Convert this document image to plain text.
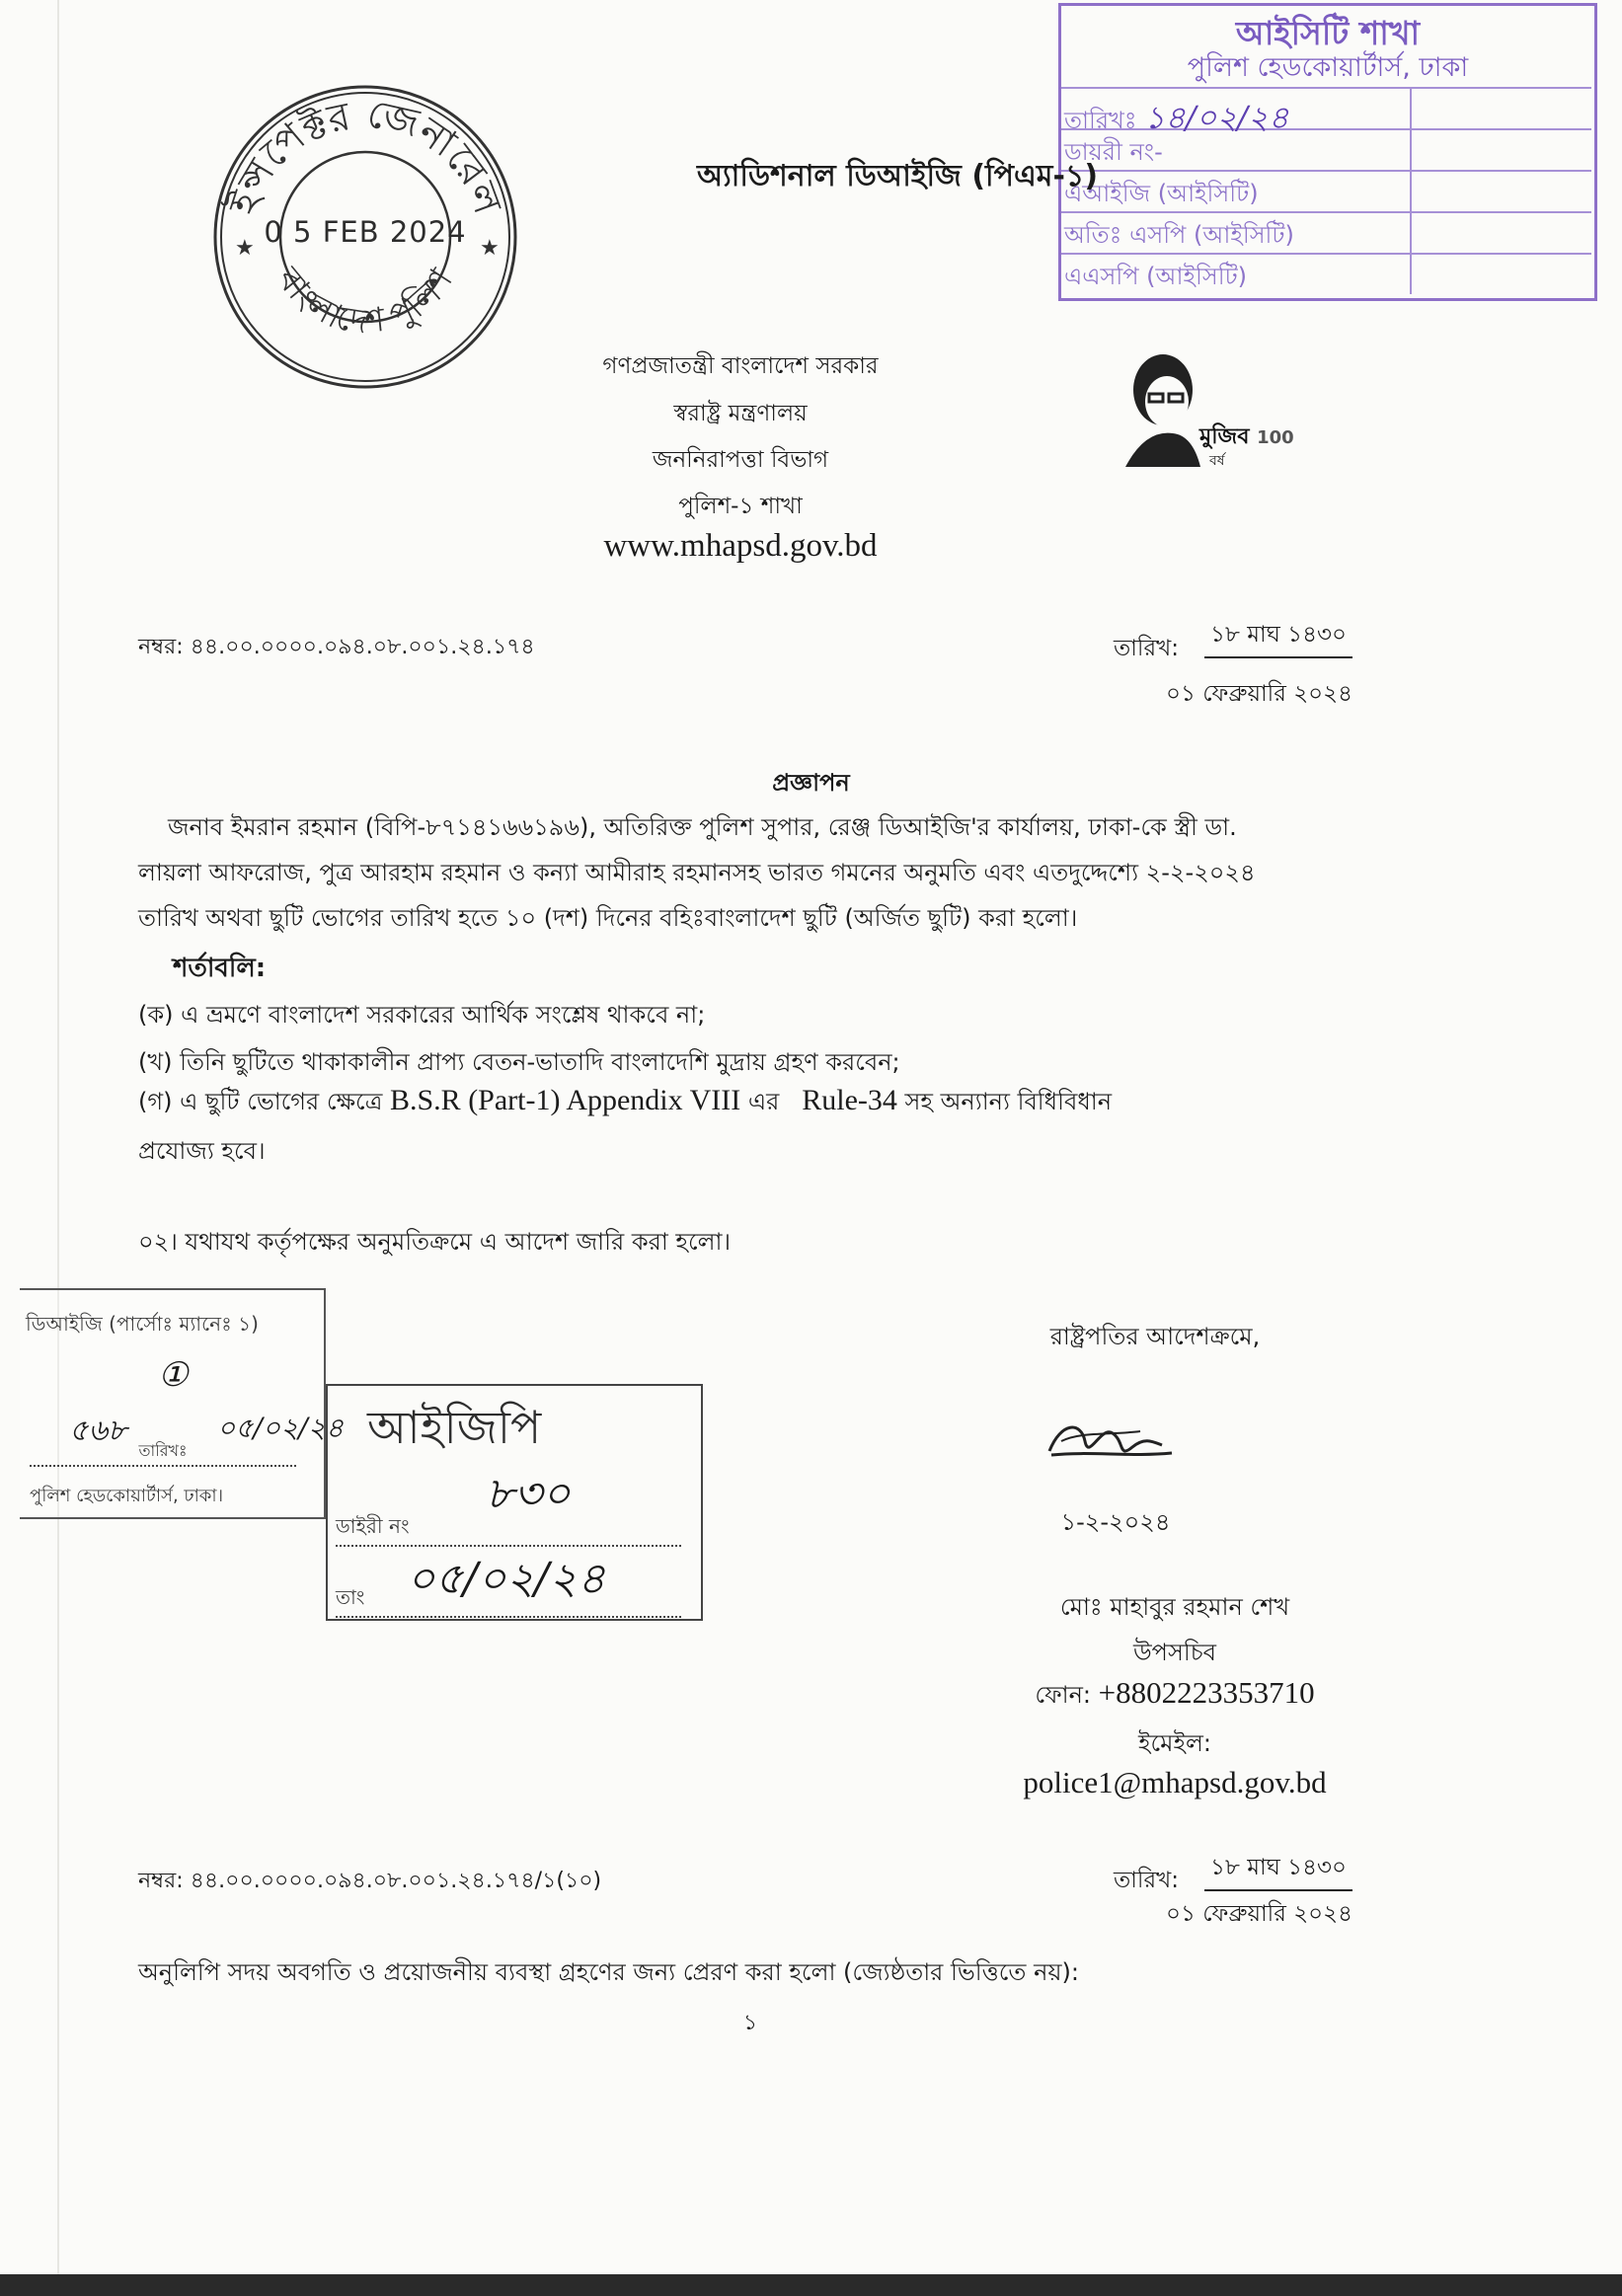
ইন্সপেক্টর জেনারেল
বাংলাদেশ পুলিশ
★	★
0 5 FEB 2024
আইসিটি শাখা
পুলিশ হেডকোয়ার্টার্স, ঢাকা
তারিখঃ ১৪/০২/২৪
ডায়রী নং-
এআইজি (আইসিটি)
অতিঃ এসপি (আইসিটি)
এএসপি (আইসিটি)
অ্যাডিশনাল ডিআইজি (পিএম-১)
গণপ্রজাতন্ত্রী বাংলাদেশ সরকার
স্বরাষ্ট্র মন্ত্রণালয়
জননিরাপত্তা বিভাগ
পুলিশ-১ শাখা
www.mhapsd.gov.bd
মুজিব 100
বর্ষ
নম্বর: ৪৪.০০.০০০০.০৯৪.০৮.০০১.২৪.১৭৪	তারিখ:
১৮ মাঘ ১৪৩০
০১ ফেব্রুয়ারি ২০২৪
প্রজ্ঞাপন
জনাব ইমরান রহমান (বিপি-৮৭১৪১৬৬১৯৬), অতিরিক্ত পুলিশ সুপার, রেঞ্জ ডিআইজি'র কার্যালয়, ঢাকা-কে স্ত্রী ডা.
লায়লা আফরোজ, পুত্র আরহাম রহমান ও কন্যা আমীরাহ রহমানসহ ভারত গমনের অনুমতি এবং এতদুদ্দেশ্যে ২-২-২০২৪
তারিখ অথবা ছুটি ভোগের তারিখ হতে ১০ (দশ) দিনের বহিঃবাংলাদেশ ছুটি (অর্জিত ছুটি) করা হলো।
শর্তাবলি:
(ক) এ ভ্রমণে বাংলাদেশ সরকারের আর্থিক সংশ্লেষ থাকবে না;
(খ) তিনি ছুটিতে থাকাকালীন প্রাপ্য বেতন-ভাতাদি বাংলাদেশি মুদ্রায় গ্রহণ করবেন;
(গ) এ ছুটি ভোগের ক্ষেত্রে B.S.R (Part-1) Appendix VIII এর Rule-34 সহ অন্যান্য বিধিবিধান
প্রযোজ্য হবে।
০২। যথাযথ কর্তৃপক্ষের অনুমতিক্রমে এ আদেশ জারি করা হলো।
রাষ্ট্রপতির আদেশক্রমে,
১-২-২০২৪
মোঃ মাহাবুর রহমান শেখ
উপসচিব
ফোন: +8802223353710
ইমেইল:
police1@mhapsd.gov.bd
ডিআইজি (পার্সোঃ ম্যানেঃ ১)
①
৫৬৮	০৫/০২/২৪
তারিখঃ
পুলিশ হেডকোয়ার্টার্স, ঢাকা।
আইজিপি
৮৩০
ডাইরী নং
তাং ০৫/০২/২৪
নম্বর: ৪৪.০০.০০০০.০৯৪.০৮.০০১.২৪.১৭৪/১(১০)	তারিখ: ১৮ মাঘ ১৪৩০
০১ ফেব্রুয়ারি ২০২৪
অনুলিপি সদয় অবগতি ও প্রয়োজনীয় ব্যবস্থা গ্রহণের জন্য প্রেরণ করা হলো (জ্যেষ্ঠতার ভিত্তিতে নয়):
১
